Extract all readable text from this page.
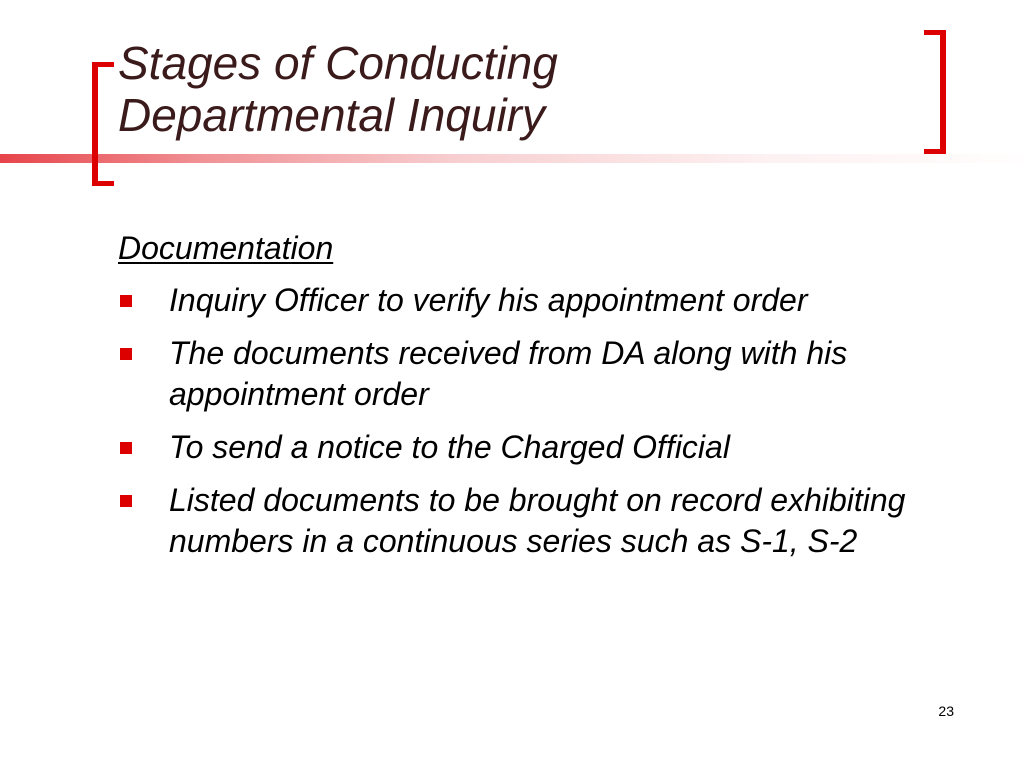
Stages of Conducting
Departmental Inquiry

Documentation

Inquiry Officer to verify his appointment order
The documents received from DA along with his appointment order
To send a notice to the Charged Official
Listed documents to be brought on record exhibiting numbers in a continuous series such as S-1, S-2
23
